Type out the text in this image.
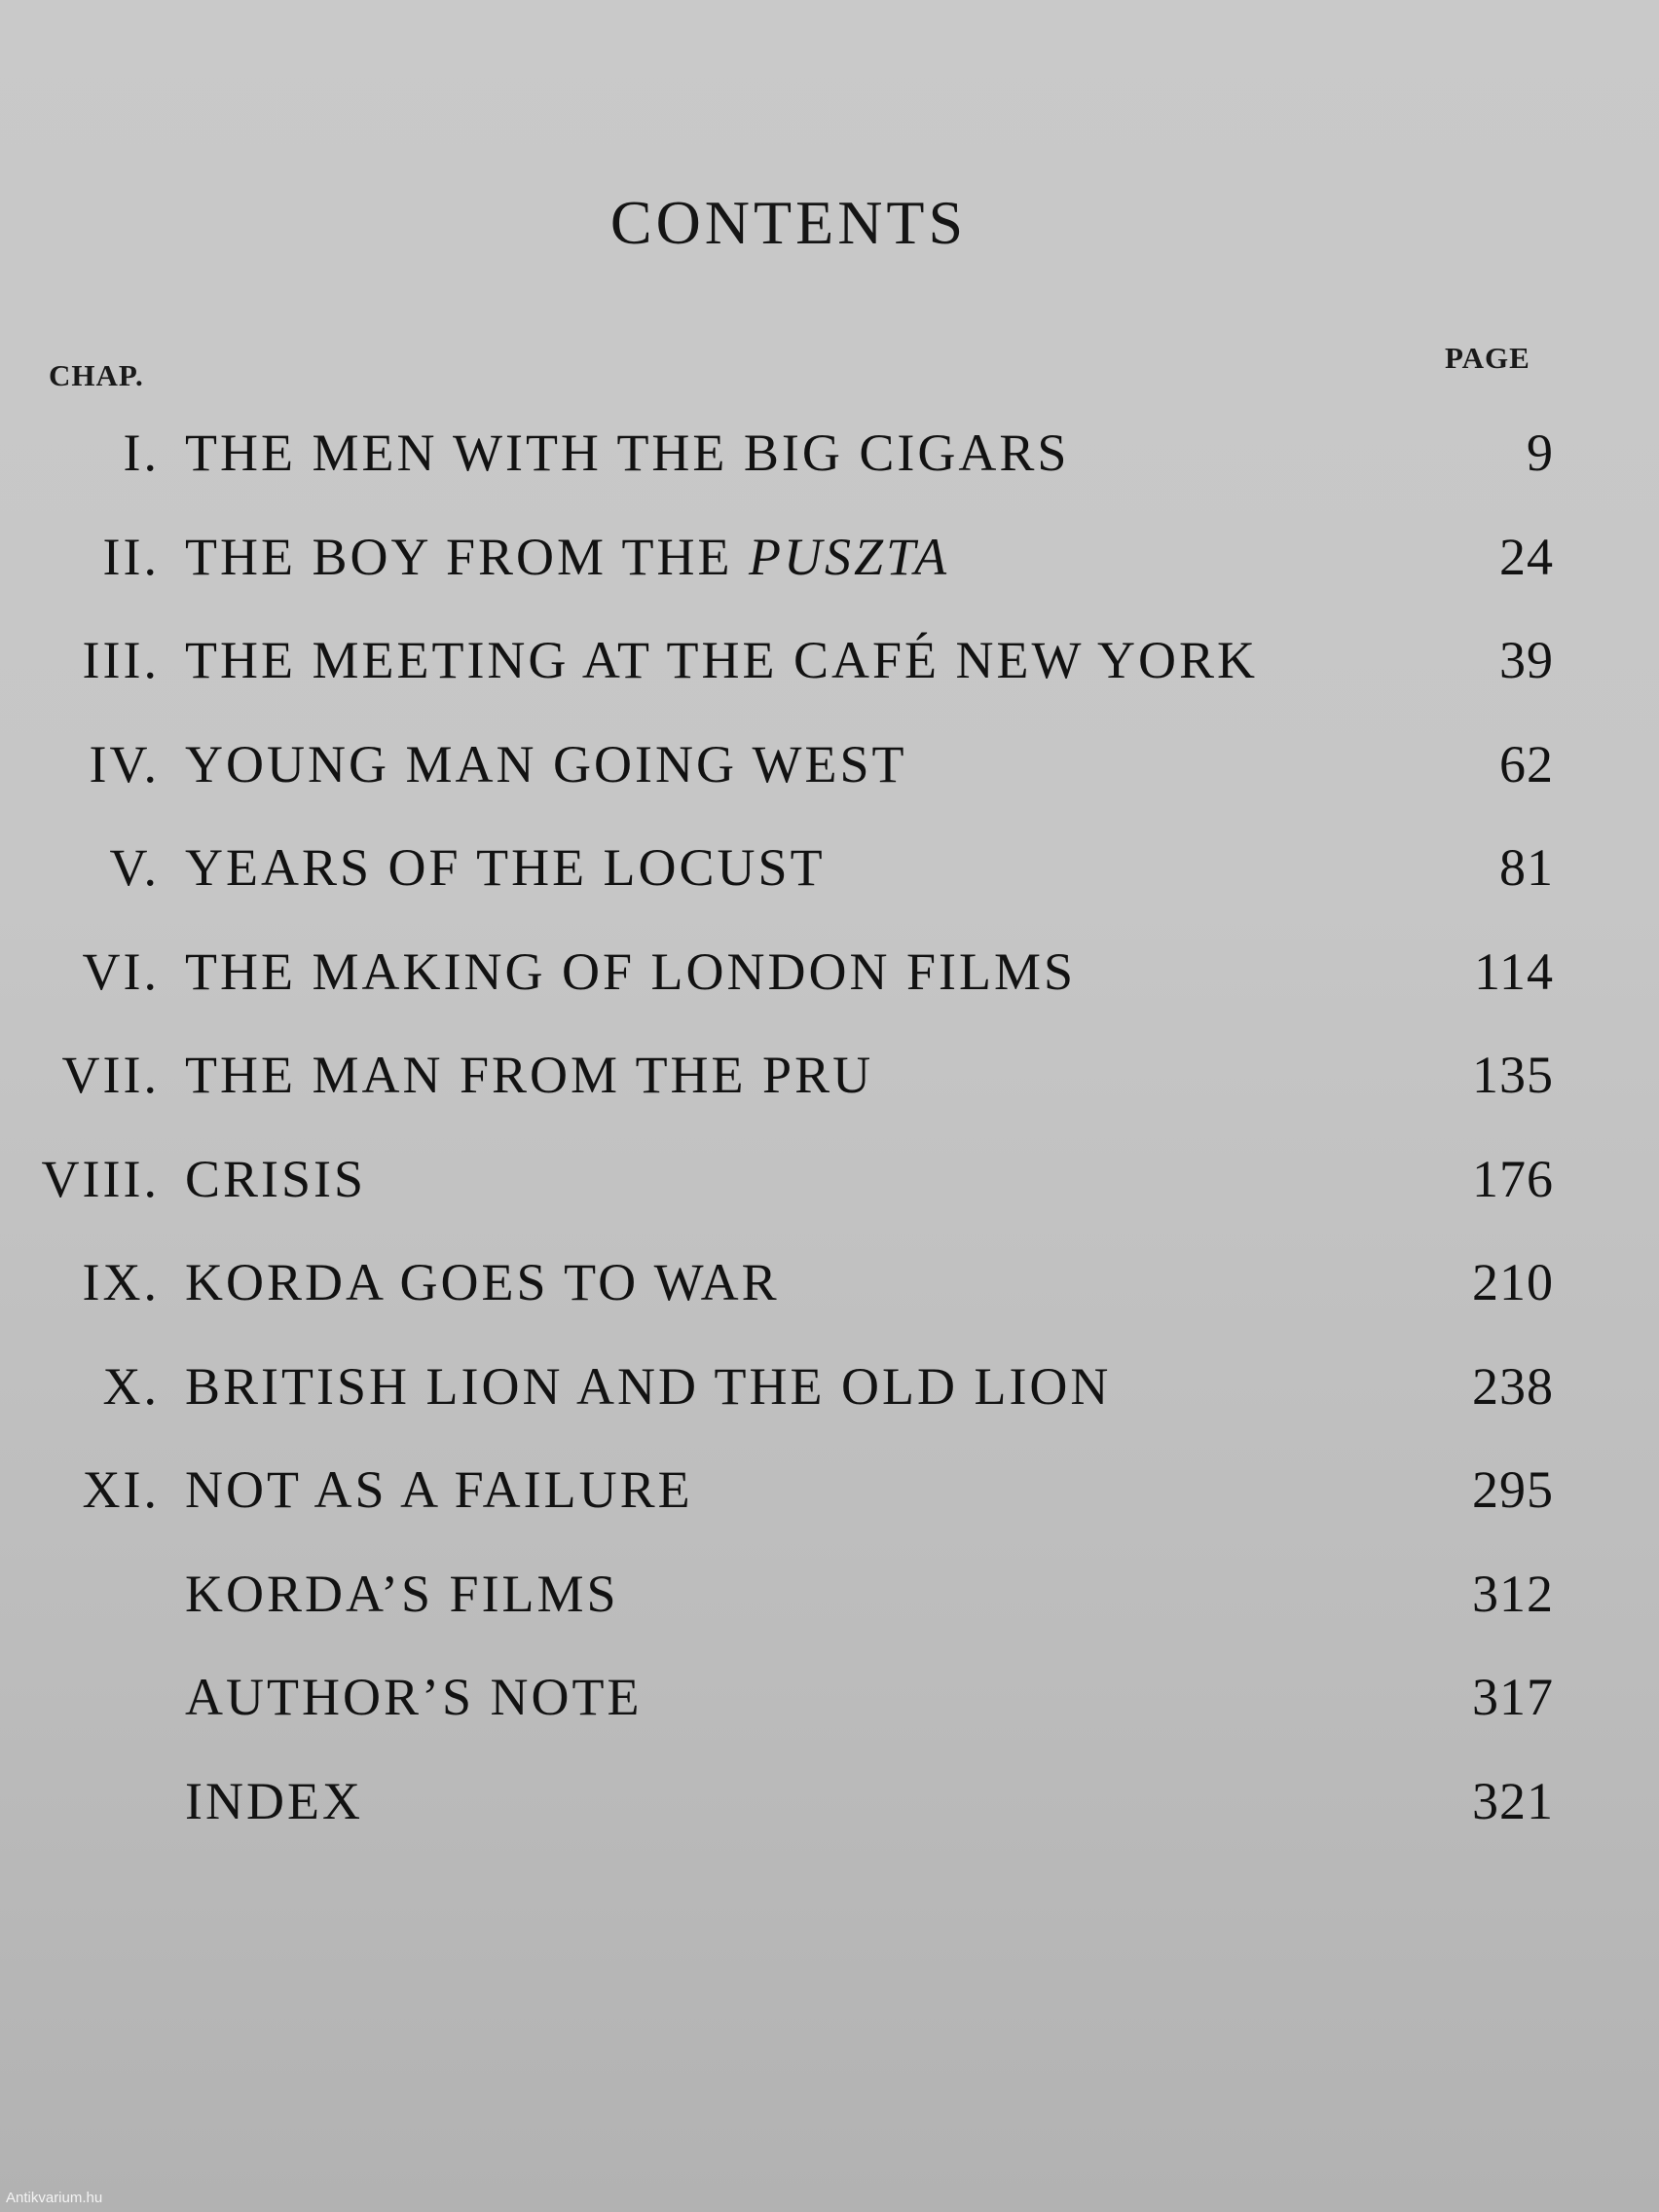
CONTENTS
CHAP.
PAGE
I. THE MEN WITH THE BIG CIGARS	9
II. THE BOY FROM THE PUSZTA	24
III. THE MEETING AT THE CAFÉ NEW YORK	39
IV. YOUNG MAN GOING WEST	62
V. YEARS OF THE LOCUST	81
VI. THE MAKING OF LONDON FILMS	114
VII. THE MAN FROM THE PRU	135
VIII. CRISIS	176
IX. KORDA GOES TO WAR	210
X. BRITISH LION AND THE OLD LION	238
XI. NOT AS A FAILURE	295
KORDA’S FILMS	312
AUTHOR’S NOTE	317
INDEX	321
Antikvarium.hu
